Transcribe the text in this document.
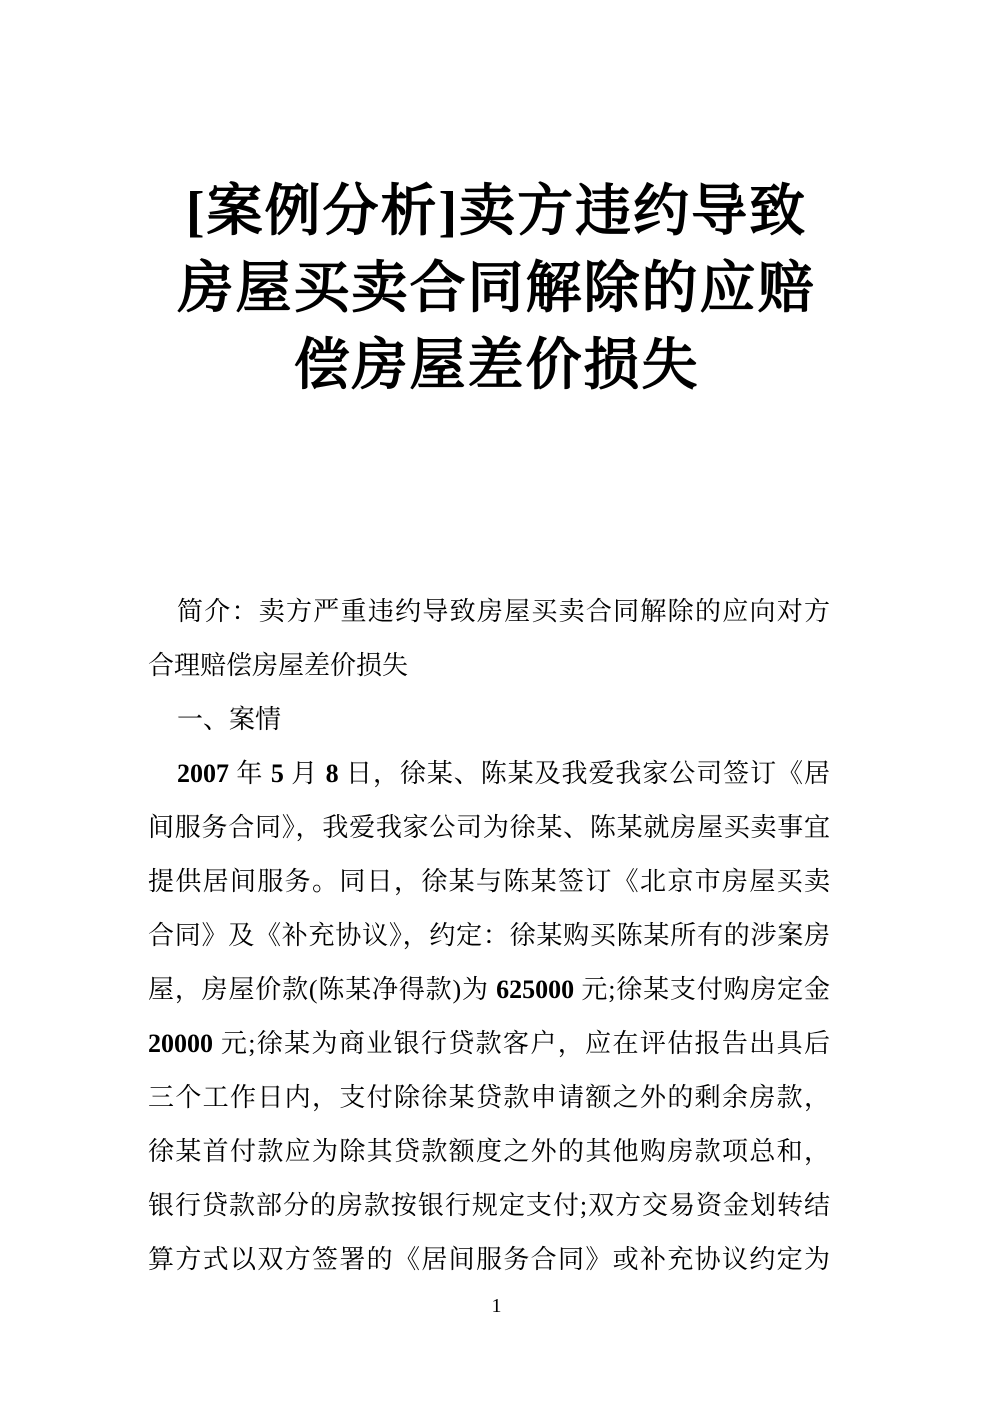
[案例分析]卖方违约导致
房屋买卖合同解除的应赔
偿房屋差价损失
简介：卖方严重违约导致房屋买卖合同解除的应向对方
合理赔偿房屋差价损失
一、案情
2007 年 5 月 8 日，徐某、陈某及我爱我家公司签订《居
间服务合同》，我爱我家公司为徐某、陈某就房屋买卖事宜
提供居间服务。同日，徐某与陈某签订《北京市房屋买卖
合同》及《补充协议》，约定：徐某购买陈某所有的涉案房
屋，房屋价款(陈某净得款)为 625000 元;徐某支付购房定金
20000 元;徐某为商业银行贷款客户，应在评估报告出具后
三个工作日内，支付除徐某贷款申请额之外的剩余房款，
徐某首付款应为除其贷款额度之外的其他购房款项总和，
银行贷款部分的房款按银行规定支付;双方交易资金划转结
算方式以双方签署的《居间服务合同》或补充协议约定为
1
